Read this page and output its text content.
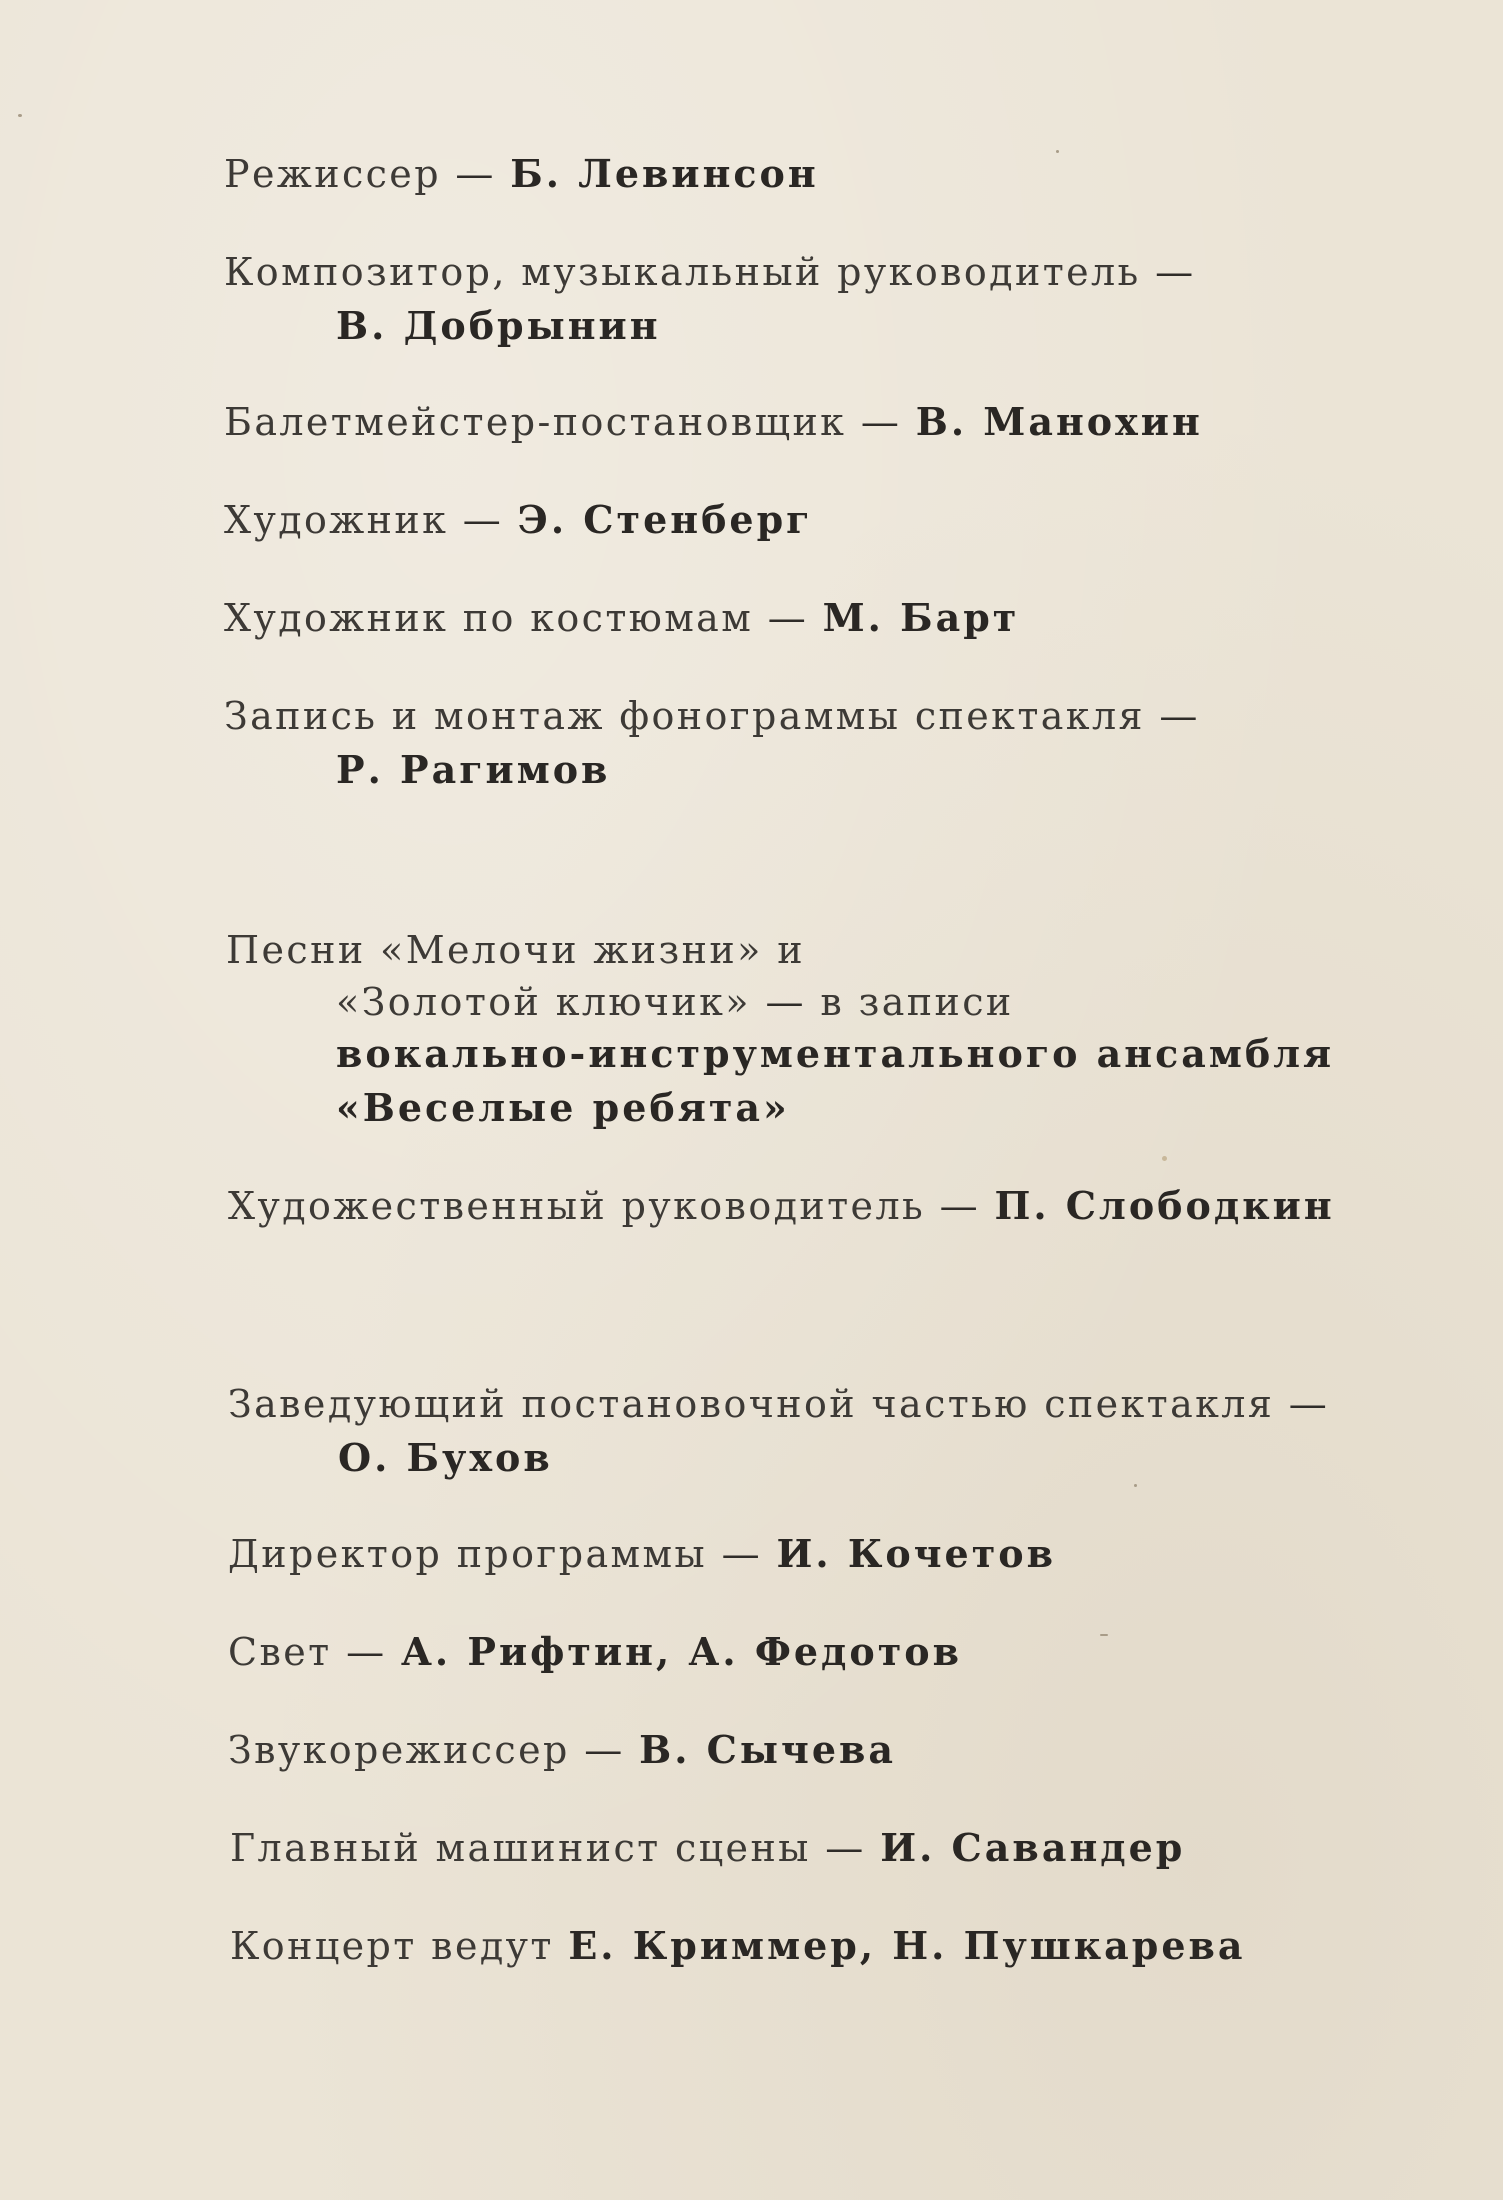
Режиссер — Б. Левинсон

Композитор, музыкальный руководитель —

В. Добрынин

Балетмейстер-постановщик — В. Манохин

Художник — Э. Стенберг

Художник по костюмам — М. Барт

Запись и монтаж фонограммы спектакля —

Р. Рагимов

Песни «Мелочи жизни» и

«Золотой ключик» — в записи

вокально-инструментального ансамбля

«Веселые ребята»

Художественный руководитель — П. Слободкин

Заведующий постановочной частью спектакля —

О. Бухов

Директор программы — И. Кочетов

Свет — А. Рифтин, А. Федотов

Звукорежиссер — В. Сычева

Главный машинист сцены — И. Савандер

Концерт ведут Е. Криммер, Н. Пушкарева
